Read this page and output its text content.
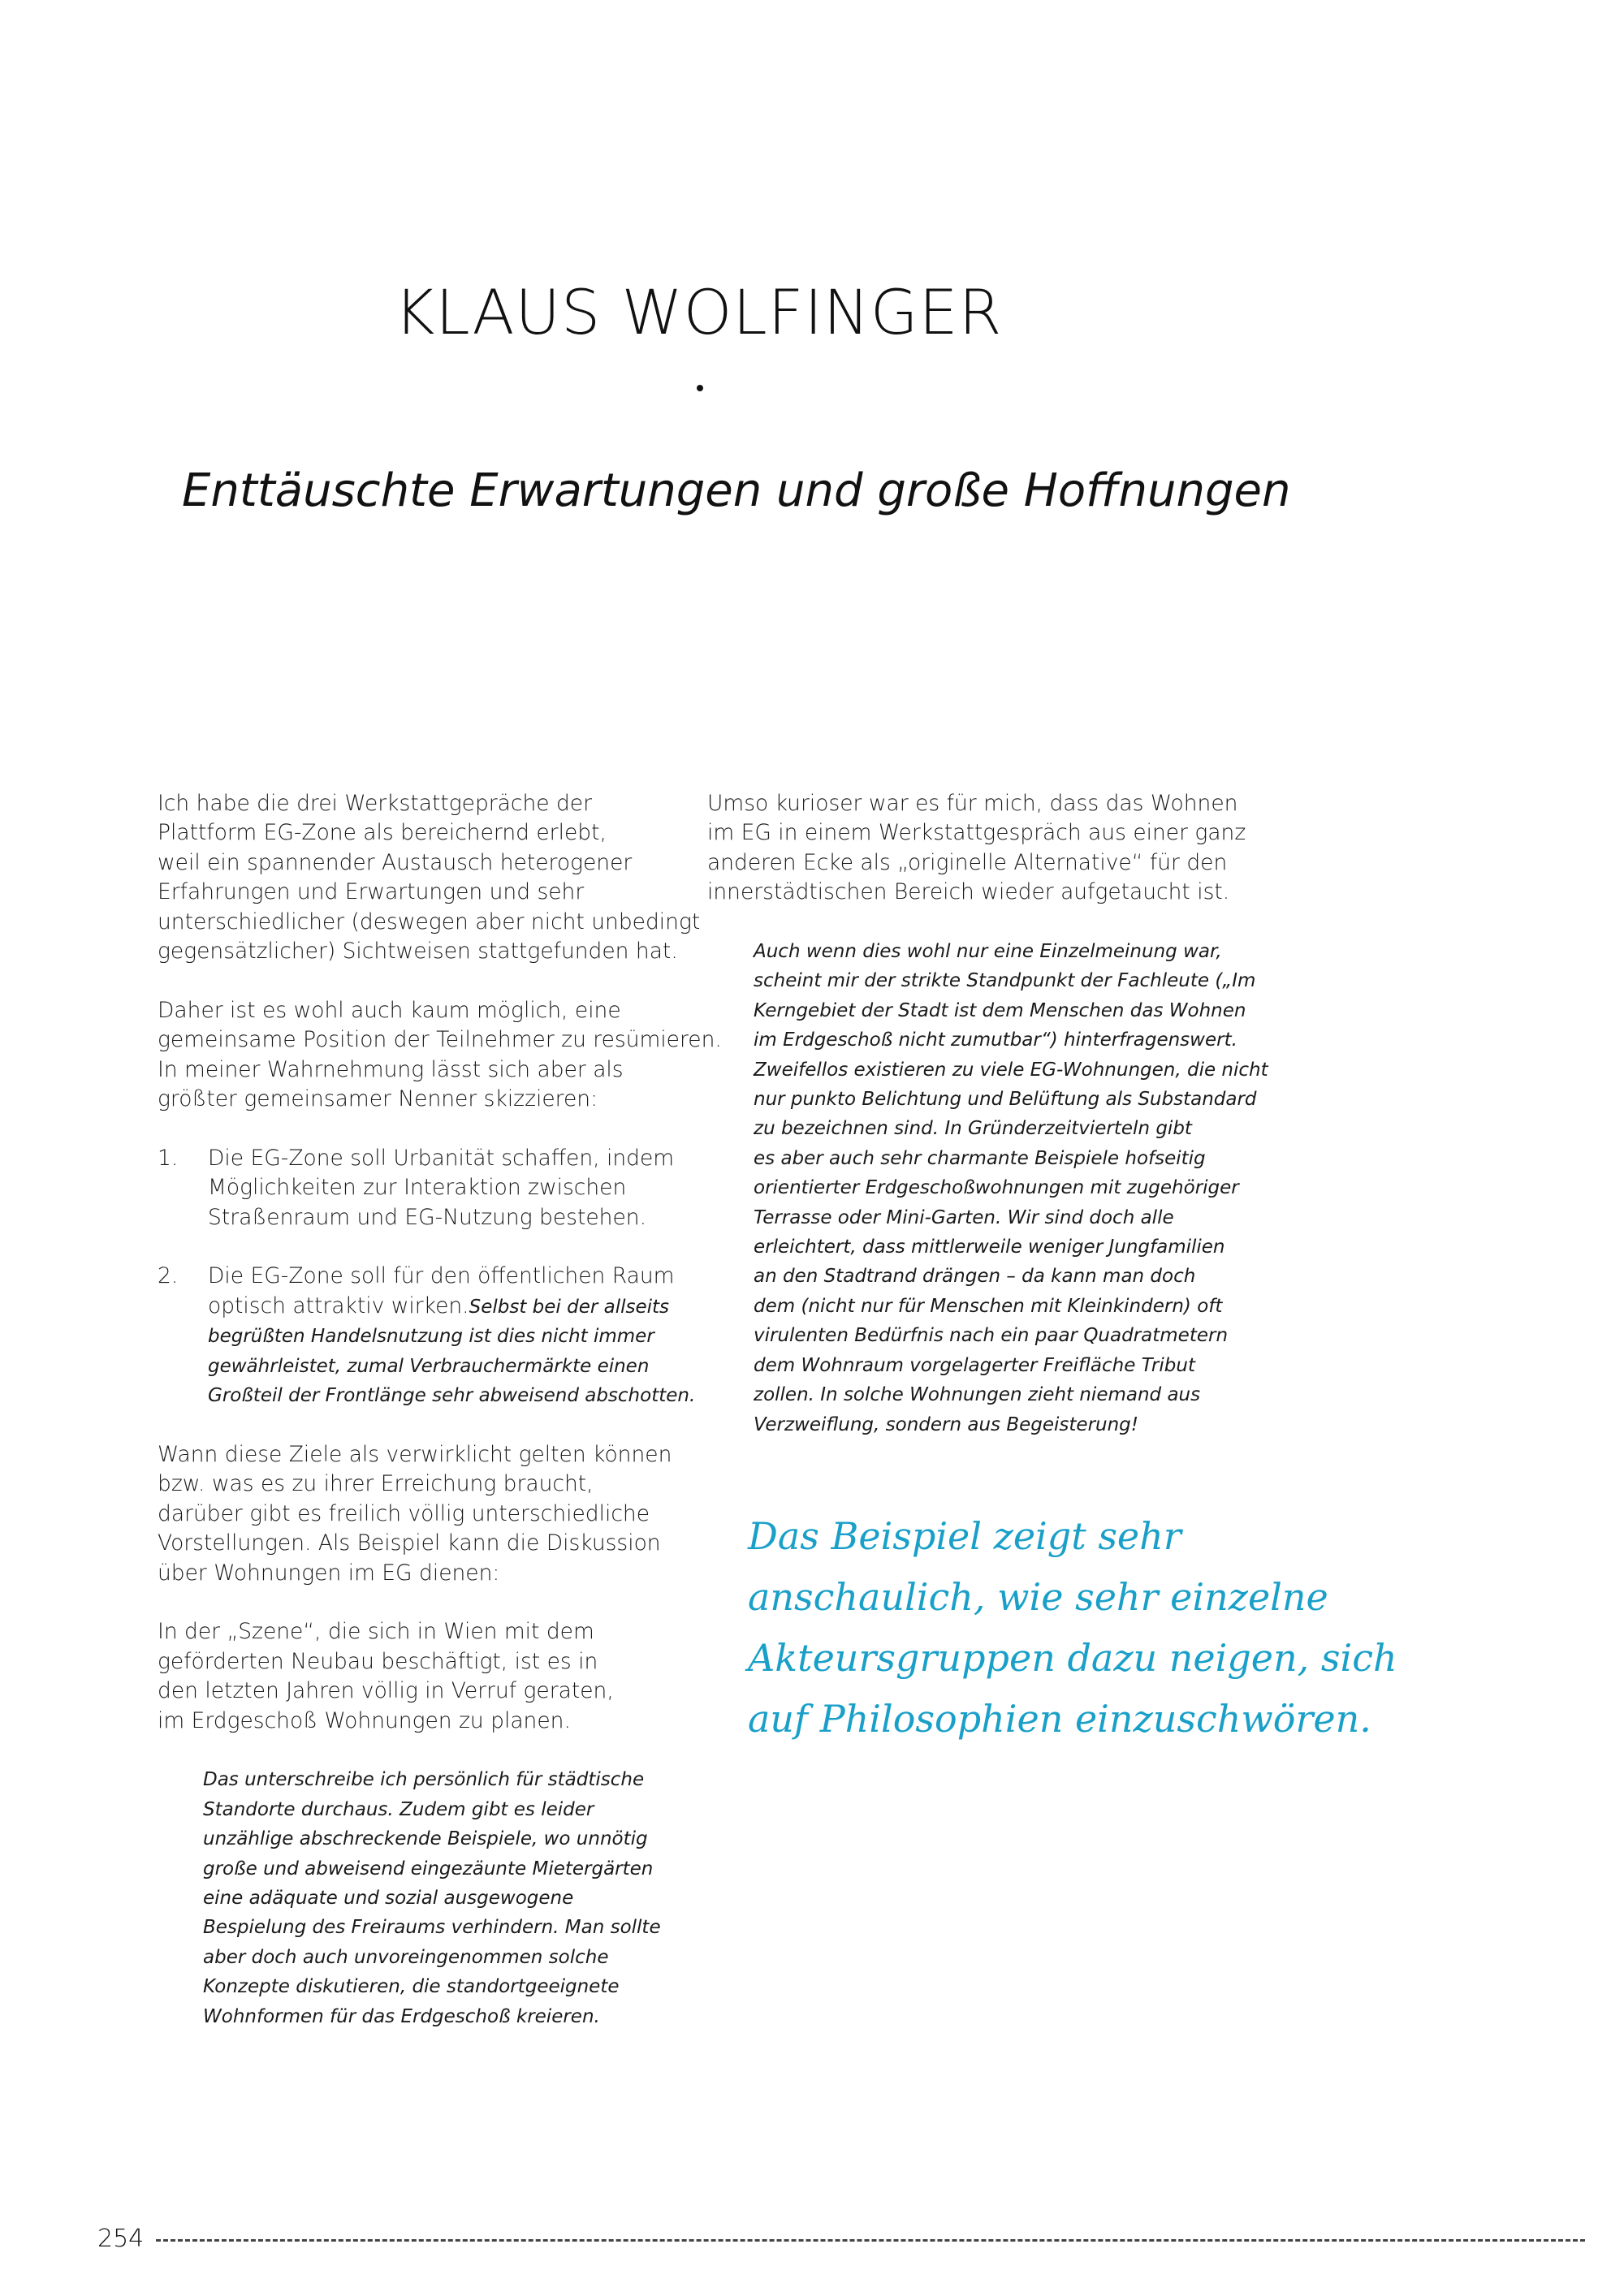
KLAUS WOLFINGER
Enttäuschte Erwartungen und große Hoffnungen

Ich habe die drei Werkstattgepräche der
Plattform EG-Zone als bereichernd erlebt,
weil ein spannender Austausch heterogener
Erfahrungen und Erwartungen und sehr
unterschiedlicher (deswegen aber nicht unbedingt
gegensätzlicher) Sichtweisen stattgefunden hat.

Daher ist es wohl auch kaum möglich, eine
gemeinsame Position der Teilnehmer zu resümieren.
In meiner Wahrnehmung lässt sich aber als
größter gemeinsamer Nenner skizzieren:

1. Die EG-Zone soll Urbanität schaffen, indem
Möglichkeiten zur Interaktion zwischen
Straßenraum und EG-Nutzung bestehen.
2. Die EG-Zone soll für den öffentlichen Raum
optisch attraktiv wirken.Selbst bei der allseits
begrüßten Handelsnutzung ist dies nicht immer
gewährleistet, zumal Verbrauchermärkte einen
Großteil der Frontlänge sehr abweisend abschotten.

Wann diese Ziele als verwirklicht gelten können
bzw. was es zu ihrer Erreichung braucht,
darüber gibt es freilich völlig unterschiedliche
Vorstellungen. Als Beispiel kann die Diskussion
über Wohnungen im EG dienen:

In der „Szene“, die sich in Wien mit dem
geförderten Neubau beschäftigt, ist es in
den letzten Jahren völlig in Verruf geraten,
im Erdgeschoß Wohnungen zu planen.

Das unterschreibe ich persönlich für städtische
Standorte durchaus. Zudem gibt es leider
unzählige abschreckende Beispiele, wo unnötig
große und abweisend eingezäunte Mietergärten
eine adäquate und sozial ausgewogene
Bespielung des Freiraums verhindern. Man sollte
aber doch auch unvoreingenommen solche
Konzepte diskutieren, die standortgeeignete
Wohnformen für das Erdgeschoß kreieren.

Umso kurioser war es für mich, dass das Wohnen
im EG in einem Werkstattgespräch aus einer ganz
anderen Ecke als „originelle Alternative“ für den
innerstädtischen Bereich wieder aufgetaucht ist.

Auch wenn dies wohl nur eine Einzelmeinung war,
scheint mir der strikte Standpunkt der Fachleute („Im
Kerngebiet der Stadt ist dem Menschen das Wohnen
im Erdgeschoß nicht zumutbar“) hinterfragenswert.
Zweifellos existieren zu viele EG-Wohnungen, die nicht
nur punkto Belichtung und Belüftung als Substandard
zu bezeichnen sind. In Gründerzeitvierteln gibt
es aber auch sehr charmante Beispiele hofseitig
orientierter Erdgeschoßwohnungen mit zugehöriger
Terrasse oder Mini-Garten. Wir sind doch alle
erleichtert, dass mittlerweile weniger Jungfamilien
an den Stadtrand drängen – da kann man doch
dem (nicht nur für Menschen mit Kleinkindern) oft
virulenten Bedürfnis nach ein paar Quadratmetern
dem Wohnraum vorgelagerter Freifläche Tribut
zollen. In solche Wohnungen zieht niemand aus
Verzweiflung, sondern aus Begeisterung!
Das Beispiel zeigt sehr
anschaulich, wie sehr einzelne
Akteursgruppen dazu neigen, sich
auf Philosophien einzuschwören.
254
